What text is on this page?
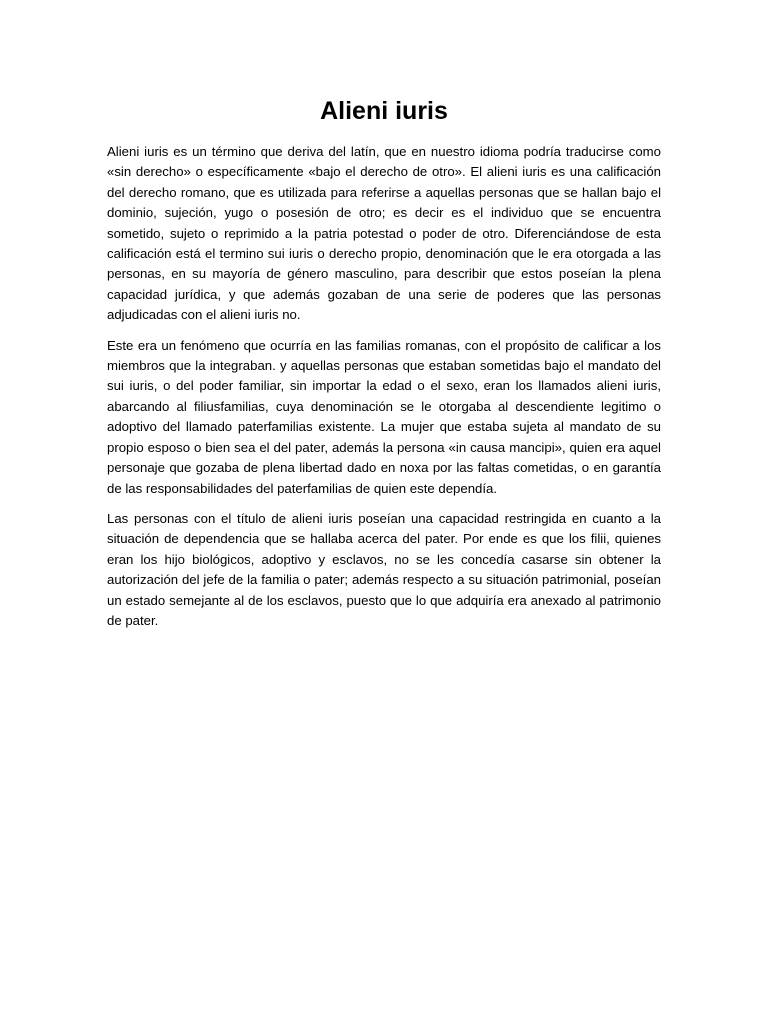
Alieni iuris

Alieni iuris es un término que deriva del latín, que en nuestro idioma podría traducirse como «sin derecho» o específicamente «bajo el derecho de otro». El alieni iuris es una calificación del derecho romano, que es utilizada para referirse a aquellas personas que se hallan bajo el dominio, sujeción, yugo o posesión de otro; es decir es el individuo que se encuentra sometido, sujeto o reprimido a la patria potestad o poder de otro. Diferenciándose de esta calificación está el termino sui iuris o derecho propio, denominación que le era otorgada a las personas, en su mayoría de género masculino, para describir que estos poseían la plena capacidad jurídica, y que además gozaban de una serie de poderes que las personas adjudicadas con el alieni iuris no.

Este era un fenómeno que ocurría en las familias romanas, con el propósito de calificar a los miembros que la integraban. y aquellas personas que estaban sometidas bajo el mandato del sui iuris, o del poder familiar, sin importar la edad o el sexo, eran los llamados alieni iuris, abarcando al filiusfamilias, cuya denominación se le otorgaba al descendiente legitimo o adoptivo del llamado paterfamilias existente. La mujer que estaba sujeta al mandato de su propio esposo o bien sea el del pater, además la persona «in causa mancipi», quien era aquel personaje que gozaba de plena libertad dado en noxa por las faltas cometidas, o en garantía de las responsabilidades del paterfamilias de quien este dependía.

Las personas con el título de alieni iuris poseían una capacidad restringida en cuanto a la situación de dependencia que se hallaba acerca del pater. Por ende es que los filii, quienes eran los hijo biológicos, adoptivo y esclavos, no se les concedía casarse sin obtener la autorización del jefe de la familia o pater; además respecto a su situación patrimonial, poseían un estado semejante al de los esclavos, puesto que lo que adquiría era anexado al patrimonio de pater.
